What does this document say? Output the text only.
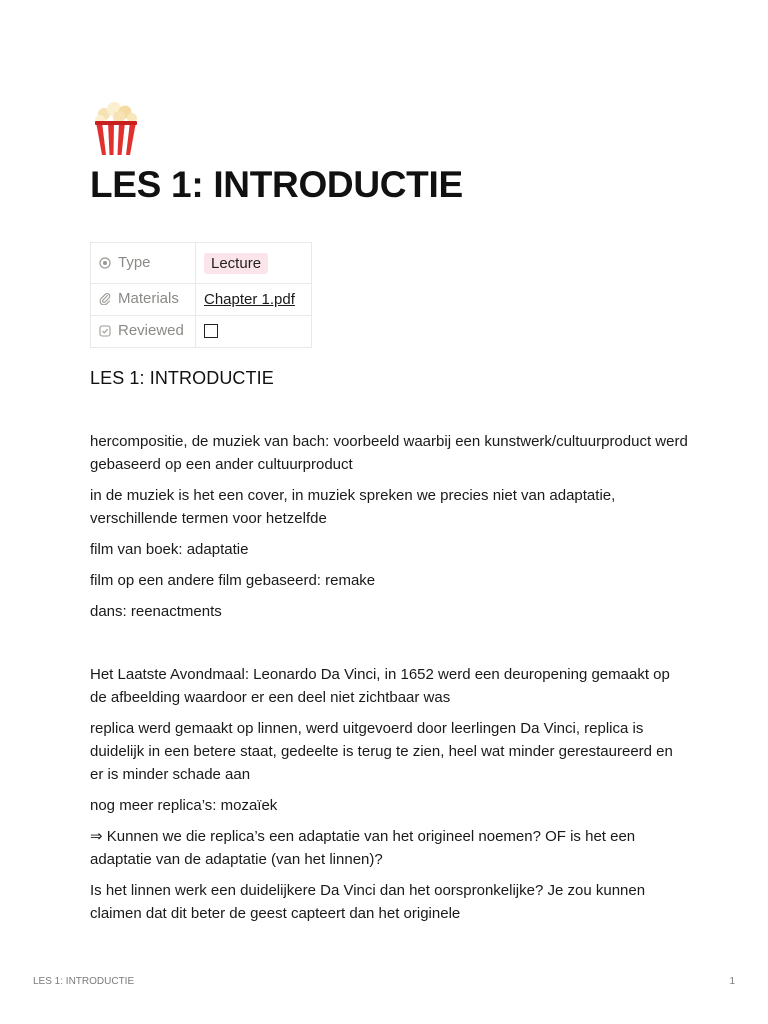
LES 1: INTRODUCTIE
Type	Lecture
Materials	Chapter 1.pdf
Reviewed	
LES 1: INTRODUCTIE

hercompositie, de muziek van bach: voorbeeld waarbij een kunstwerk/cultuurproduct werd gebaseerd op een ander cultuurproduct

in de muziek is het een cover, in muziek spreken we precies niet van adaptatie, verschillende termen voor hetzelfde

film van boek: adaptatie

film op een andere film gebaseerd: remake

dans: reenactments

Het Laatste Avondmaal: Leonardo Da Vinci, in 1652 werd een deuropening gemaakt op de afbeelding waardoor er een deel niet zichtbaar was

replica werd gemaakt op linnen, werd uitgevoerd door leerlingen Da Vinci, replica is duidelijk in een betere staat, gedeelte is terug te zien, heel wat minder gerestaureerd en er is minder schade aan

nog meer replica’s: mozaïek

⇒ Kunnen we die replica’s een adaptatie van het origineel noemen? OF is het een adaptatie van de adaptatie (van het linnen)?

Is het linnen werk een duidelijkere Da Vinci dan het oorspronkelijke? Je zou kunnen claimen dat dit beter de geest capteert dan het originele

LES 1: INTRODUCTIE	1
